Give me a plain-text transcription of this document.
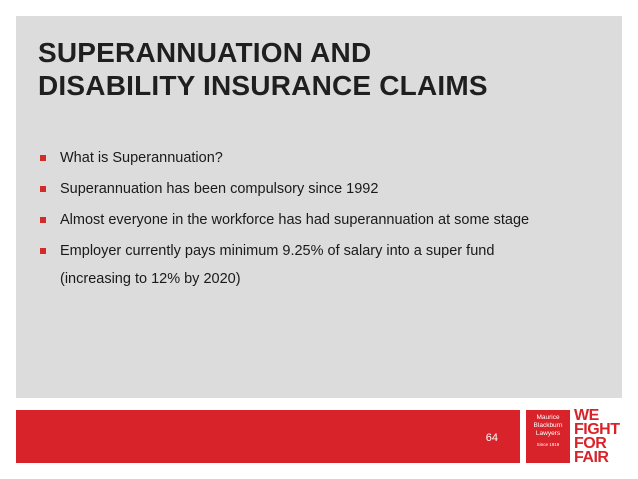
SUPERANNUATION AND
DISABILITY INSURANCE CLAIMS
What is Superannuation?
Superannuation has been compulsory since 1992
Almost everyone in the workforce has had superannuation at some stage
Employer currently pays minimum 9.25% of salary into a super fund
(increasing to 12% by 2020)
64
Maurice
Blackburn
Lawyers
Since 1919
WE
FIGHT
FOR
FAIR
